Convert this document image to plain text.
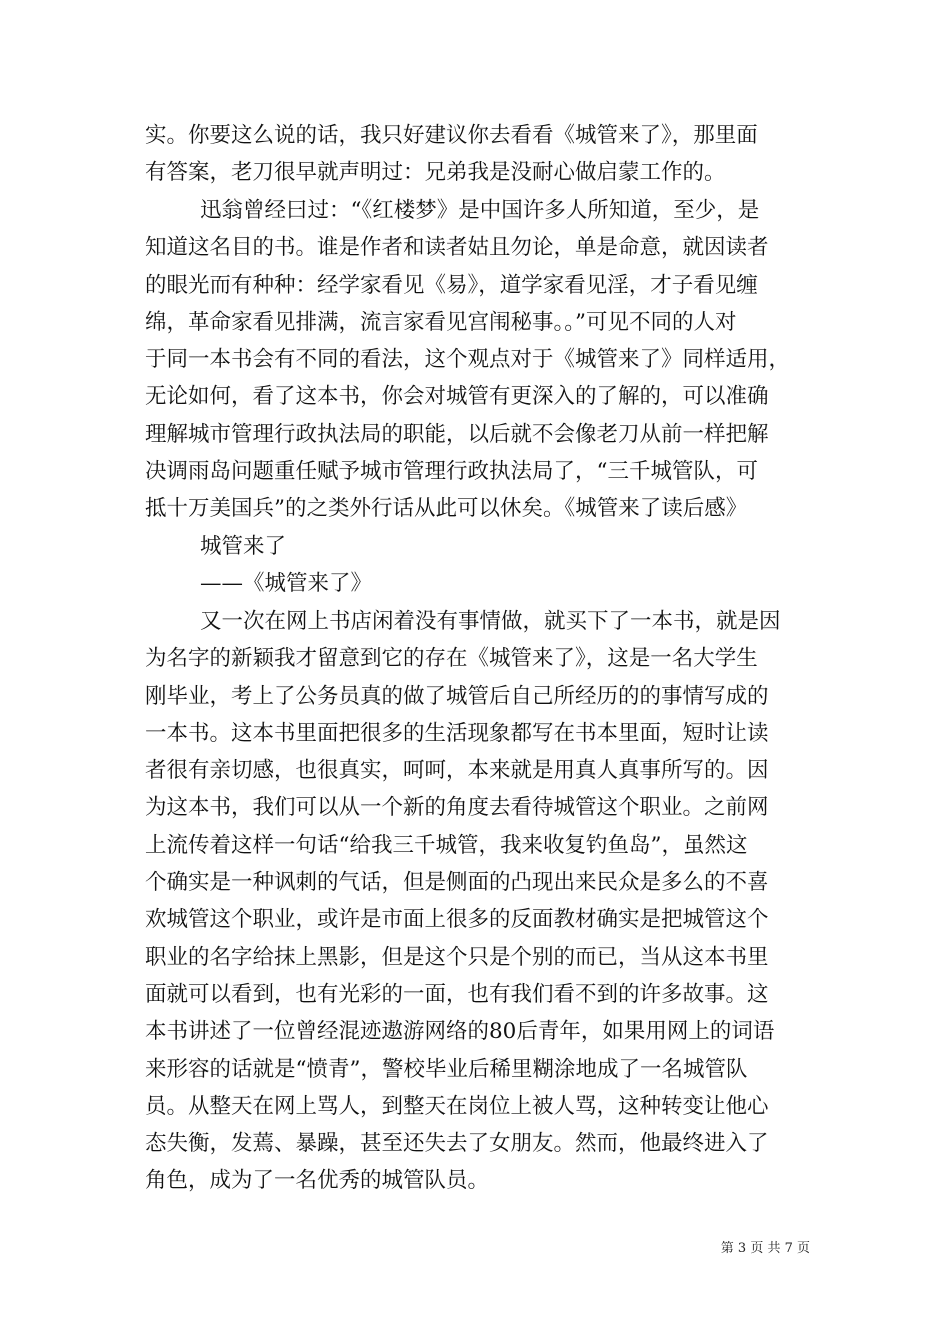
实。你要这么说的话，我只好建议你去看看《城管来了》，那里面
有答案，老刀很早就声明过：兄弟我是没耐心做启蒙工作的。
迅翁曾经曰过：“《红楼梦》是中国许多人所知道，至少，是
知道这名目的书。谁是作者和读者姑且勿论，单是命意，就因读者
的眼光而有种种：经学家看见《易》，道学家看见淫，才子看见缠
绵，革命家看见排满，流言家看见宫闱秘事。。”可见不同的人对
于同一本书会有不同的看法，这个观点对于《城管来了》同样适用，
无论如何，看了这本书，你会对城管有更深入的了解的，可以准确
理解城市管理行政执法局的职能，以后就不会像老刀从前一样把解
决调雨岛问题重任赋予城市管理行政执法局了，“三千城管队，可
抵十万美国兵”的之类外行话从此可以休矣。《城管来了读后感》
城管来了
——《城管来了》
又一次在网上书店闲着没有事情做，就买下了一本书，就是因
为名字的新颖我才留意到它的存在《城管来了》，这是一名大学生
刚毕业，考上了公务员真的做了城管后自己所经历的的事情写成的
一本书。这本书里面把很多的生活现象都写在书本里面，短时让读
者很有亲切感，也很真实，呵呵，本来就是用真人真事所写的。因
为这本书，我们可以从一个新的角度去看待城管这个职业。之前网
上流传着这样一句话“给我三千城管，我来收复钓鱼岛”，虽然这
个确实是一种讽刺的气话，但是侧面的凸现出来民众是多么的不喜
欢城管这个职业，或许是市面上很多的反面教材确实是把城管这个
职业的名字给抹上黑影，但是这个只是个别的而已，当从这本书里
面就可以看到，也有光彩的一面，也有我们看不到的许多故事。这
本书讲述了一位曾经混迹遨游网络的80后青年，如果用网上的词语
来形容的话就是“愤青”，警校毕业后稀里糊涂地成了一名城管队
员。从整天在网上骂人，到整天在岗位上被人骂，这种转变让他心
态失衡，发蔫、暴躁，甚至还失去了女朋友。然而，他最终进入了
角色，成为了一名优秀的城管队员。
第 3 页 共 7 页
